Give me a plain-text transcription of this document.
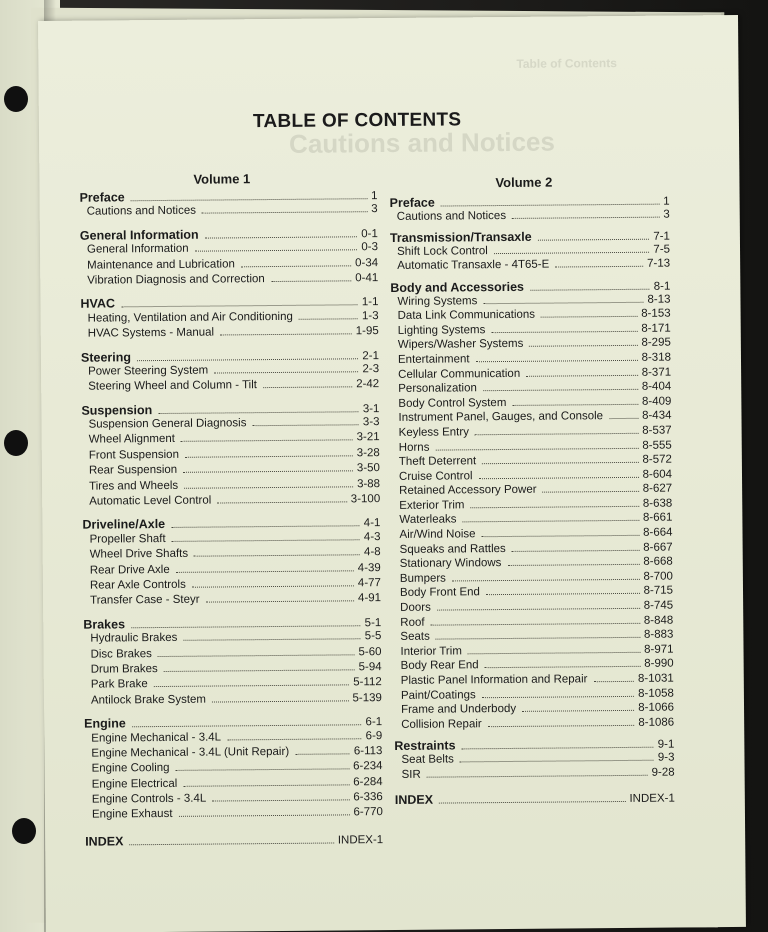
Table of Contents
Cautions and Notices
TABLE OF CONTENTS
Volume 1	Volume 2
Preface	1
Cautions and Notices	3
General Information	0-1
General Information	0-3
Maintenance and Lubrication	0-34
Vibration Diagnosis and Correction	0-41
HVAC	1-1
Heating, Ventilation and Air Conditioning	1-3
HVAC Systems - Manual	1-95
Steering	2-1
Power Steering System	2-3
Steering Wheel and Column - Tilt	2-42
Suspension	3-1
Suspension General Diagnosis	3-3
Wheel Alignment	3-21
Front Suspension	3-28
Rear Suspension	3-50
Tires and Wheels	3-88
Automatic Level Control	3-100
Driveline/Axle	4-1
Propeller Shaft	4-3
Wheel Drive Shafts	4-8
Rear Drive Axle	4-39
Rear Axle Controls	4-77
Transfer Case - Steyr	4-91
Brakes	5-1
Hydraulic Brakes	5-5
Disc Brakes	5-60
Drum Brakes	5-94
Park Brake	5-112
Antilock Brake System	5-139
Engine	6-1
Engine Mechanical - 3.4L	6-9
Engine Mechanical - 3.4L (Unit Repair)	6-113
Engine Cooling	6-234
Engine Electrical	6-284
Engine Controls - 3.4L	6-336
Engine Exhaust	6-770
INDEX	INDEX-1
Preface	1
Cautions and Notices	3
Transmission/Transaxle	7-1
Shift Lock Control	7-5
Automatic Transaxle - 4T65-E	7-13
Body and Accessories	8-1
Wiring Systems	8-13
Data Link Communications	8-153
Lighting Systems	8-171
Wipers/Washer Systems	8-295
Entertainment	8-318
Cellular Communication	8-371
Personalization	8-404
Body Control System	8-409
Instrument Panel, Gauges, and Console	8-434
Keyless Entry	8-537
Horns	8-555
Theft Deterrent	8-572
Cruise Control	8-604
Retained Accessory Power	8-627
Exterior Trim	8-638
Waterleaks	8-661
Air/Wind Noise	8-664
Squeaks and Rattles	8-667
Stationary Windows	8-668
Bumpers	8-700
Body Front End	8-715
Doors	8-745
Roof	8-848
Seats	8-883
Interior Trim	8-971
Body Rear End	8-990
Plastic Panel Information and Repair	8-1031
Paint/Coatings	8-1058
Frame and Underbody	8-1066
Collision Repair	8-1086
Restraints	9-1
Seat Belts	9-3
SIR	9-28
INDEX	INDEX-1
